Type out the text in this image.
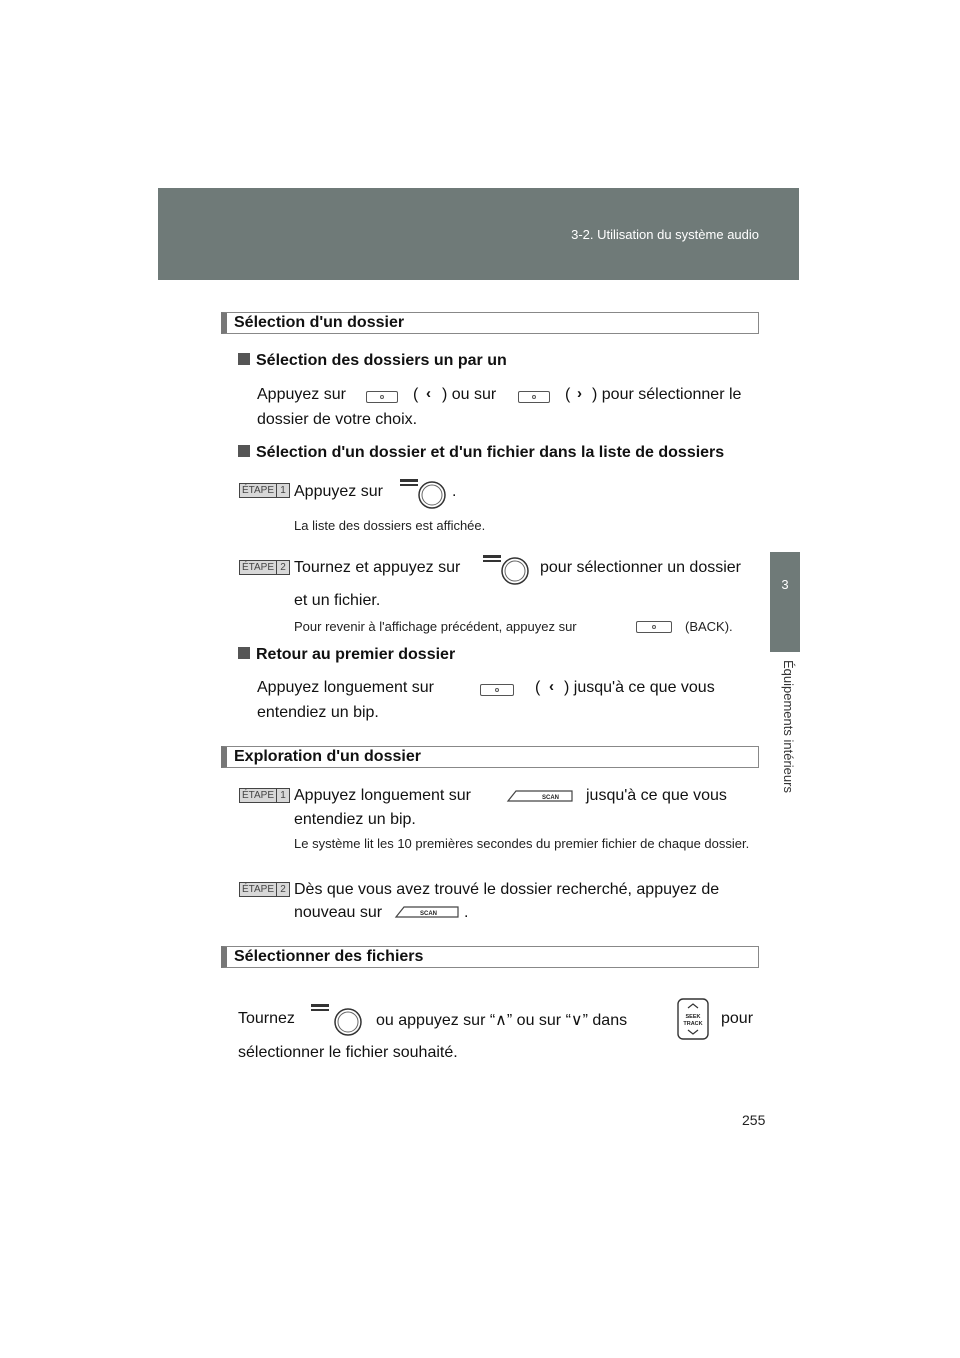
3-2. Utilisation du système audio
3
Équipements intérieurs
Sélection d'un dossier
Sélection des dossiers un par un
Appuyez sur	( ‹ ) ou sur	( › ) pour sélectionner le
dossier de votre choix.
Sélection d'un dossier et d'un fichier dans la liste de dossiers
ÉTAPE 1 Appuyez sur	.
La liste des dossiers est affichée.
ÉTAPE 2 Tournez et appuyez sur	pour sélectionner un dossier
et un fichier.
Pour revenir à l'affichage précédent, appuyez sur	(BACK).
Retour au premier dossier
Appuyez longuement sur	( ‹ ) jusqu'à ce que vous
entendiez un bip.
Exploration d'un dossier
ÉTAPE 1 Appuyez longuement sur	SCAN jusqu'à ce que vous
entendiez un bip.
Le système lit les 10 premières secondes du premier fichier de chaque dossier.
ÉTAPE 2 Dès que vous avez trouvé le dossier recherché, appuyez de
nouveau sur	SCAN .
Sélectionner des fichiers
Tournez	ou appuyez sur “∧” ou sur “∨” dans	SEEK
TRACK pour
sélectionner le fichier souhaité.
255
